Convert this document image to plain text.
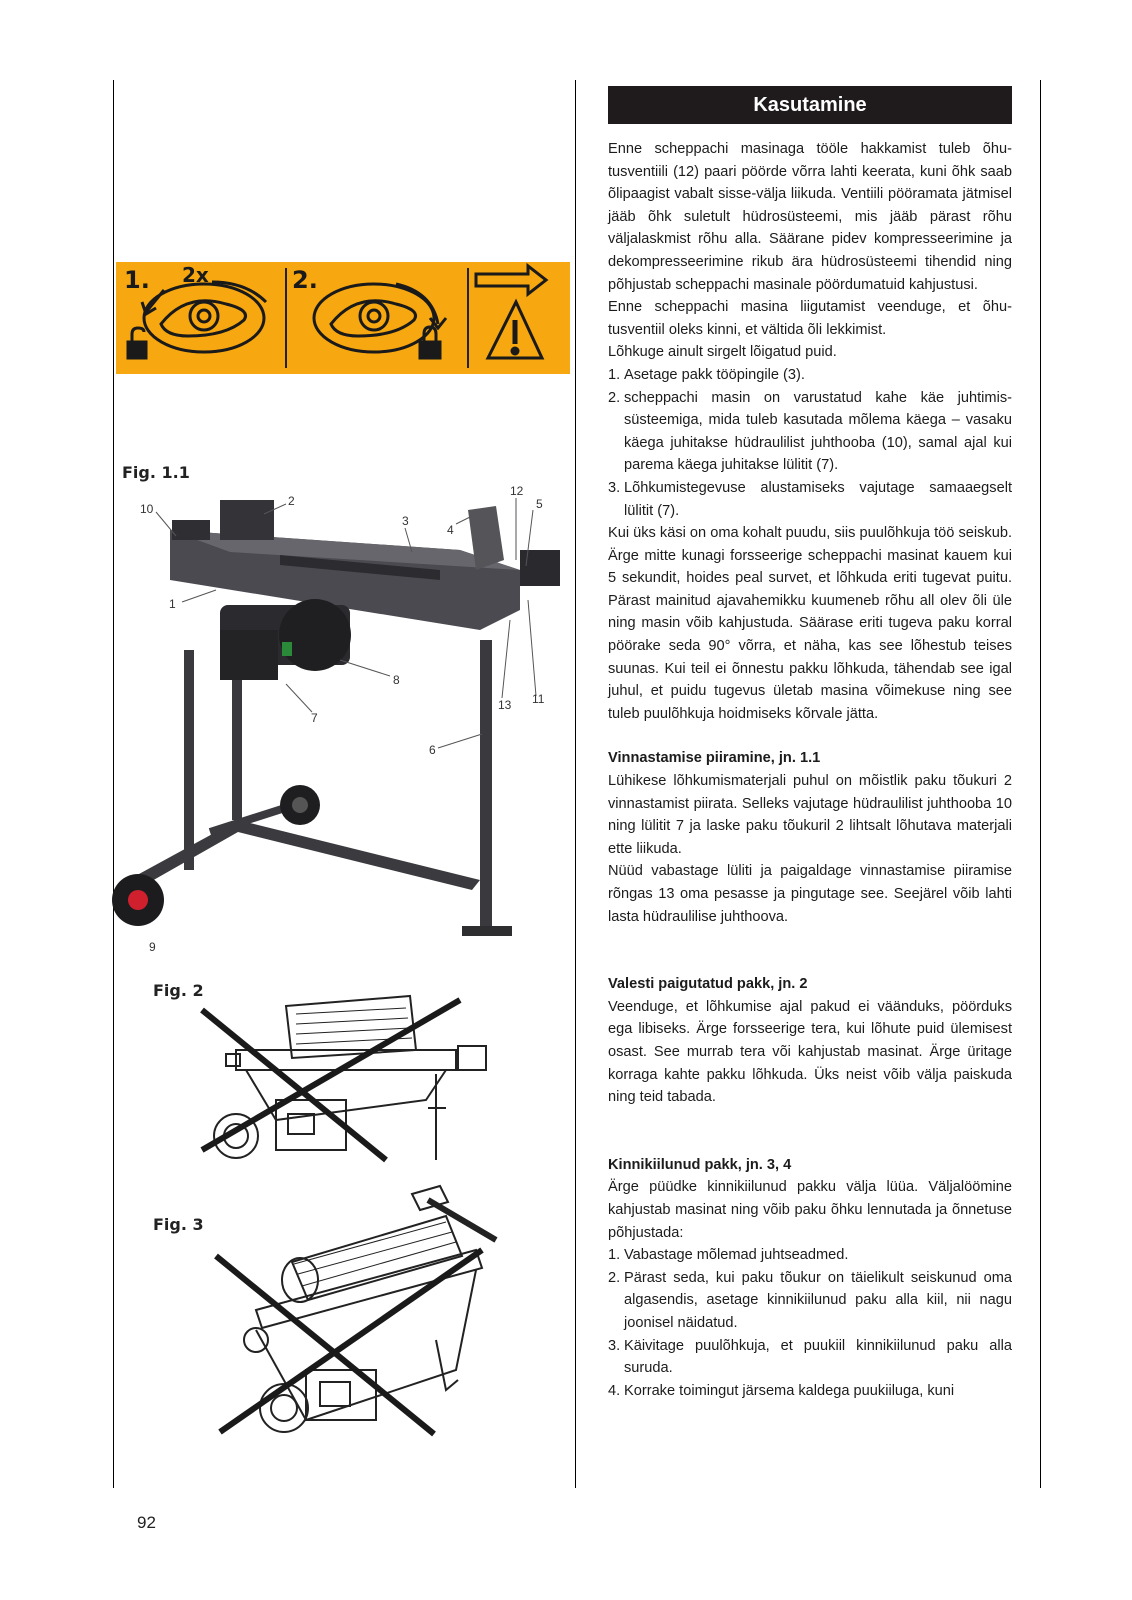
1. 2x	2.
Fig. 1.1
Fig. 2
Fig. 3
10
2
3
4
12
5
1
8
7
13 11
6
9
Kasutamine

Enne scheppachi masinaga tööle hakkamist tuleb õhutusventiili (12) paari pöörde võrra lahti keerata, kuni õhk saab õlipaagist vabalt sisse-välja liikuda. Ventiili pööramata jätmisel jääb õhk suletult hüdrosüsteemi, mis jääb pärast rõhu väljalaskmist rõhu alla. Säärane pidev kompresseerimine ja dekompresseerimine rikub ära hüdrosüsteemi tihendid ning põhjustab scheppachi masinale pöördumatuid kahjustusi.

Enne scheppachi masina liigutamist veenduge, et õhutusventiil oleks kinni, et vältida õli lekkimist.

Lõhkuge ainult sirgelt lõigatud puid.

1. Asetage pakk tööpingile (3).
2. scheppachi masin on varustatud kahe käe juhtimissüsteemiga, mida tuleb kasutada mõlema käega – vasaku käega juhitakse hüdraulilist juhthooba (10), samal ajal kui parema käega juhitakse lülitit (7).
3. Lõhkumistegevuse alustamiseks vajutage samaaegselt lülitit (7).

Kui üks käsi on oma kohalt puudu, siis puulõhkuja töö seiskub.

Ärge mitte kunagi forsseerige scheppachi masinat kauem kui 5 sekundit, hoides peal survet, et lõhkuda eriti tugevat puitu. Pärast mainitud ajavahemikku kuumeneb rõhu all olev õli üle ning masin võib kahjustuda. Säärase eriti tugeva paku korral pöörake seda 90° võrra, et näha, kas see lõhestub teises suunas. Kui teil ei õnnestu pakku lõhkuda, tähendab see igal juhul, et puidu tugevus ületab masina võimekuse ning see tuleb puulõhkuja hoidmiseks kõrvale jätta.

Vinnastamise piiramine, jn. 1.1

Lühikese lõhkumismaterjali puhul on mõistlik paku tõukuri 2 vinnastamist piirata. Selleks vajutage hüdraulilist juhthooba 10 ning lülitit 7 ja laske paku tõukuril 2 lihtsalt lõhutava materjali ette liikuda.

Nüüd vabastage lüliti ja paigaldage vinnastamise piiramise rõngas 13 oma pesasse ja pingutage see. Seejärel võib lahti lasta hüdraulilise juhthoova.

Valesti paigutatud pakk, jn. 2

Veenduge, et lõhkumise ajal pakud ei väänduks, pöörduks ega libiseks. Ärge forsseerige tera, kui lõhute puid ülemisest osast. See murrab tera või kahjustab masinat. Ärge üritage korraga kahte pakku lõhkuda. Üks neist võib välja paiskuda ning teid tabada.

Kinnikiilunud pakk, jn. 3, 4

Ärge püüdke kinnikiilunud pakku välja lüüa. Väljalöömine kahjustab masinat ning võib paku õhku lennutada ja õnnetuse põhjustada:

1. Vabastage mõlemad juhtseadmed.
2. Pärast seda, kui paku tõukur on täielikult seiskunud oma algasendis, asetage kinnikiilunud paku alla kiil, nii nagu joonisel näidatud.
3. Käivitage puulõhkuja, et puukiil kinnikiilunud paku alla suruda.
4. Korrake toimingut järsema kaldega puukiiluga, kuni
92
